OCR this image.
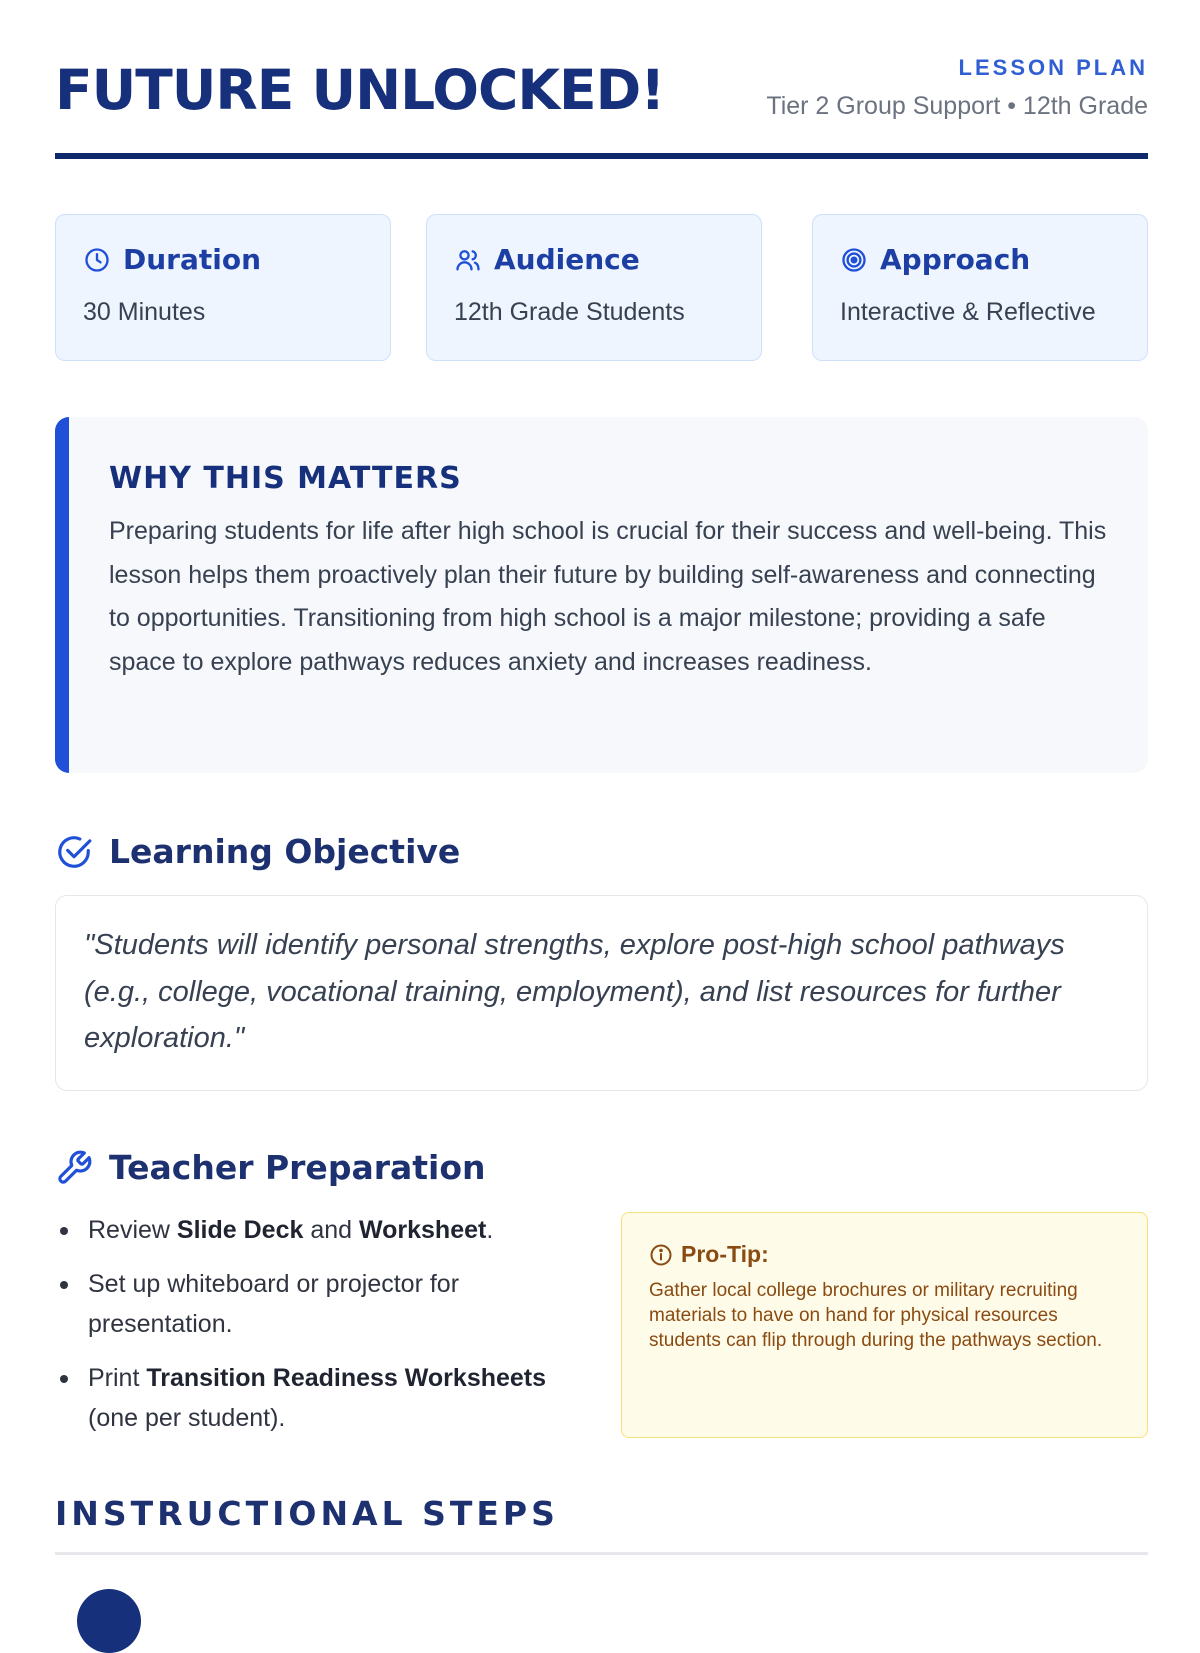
FUTURE UNLOCKED!	LESSON PLAN
Tier 2 Group Support • 12th Grade
Duration
30 Minutes
Audience
12th Grade Students
Approach
Interactive & Reflective
WHY THIS MATTERS

Preparing students for life after high school is crucial for their success and well-being. This lesson helps them proactively plan their future by building self-awareness and connecting to opportunities. Transitioning from high school is a major milestone; providing a safe space to explore pathways reduces anxiety and increases readiness.

Learning Objective
"Students will identify personal strengths, explore post-high school pathways (e.g., college, vocational training, employment), and list resources for further exploration."
Teacher Preparation
Review Slide Deck and Worksheet.
Set up whiteboard or projector for presentation.
Print Transition Readiness Worksheets (one per student).
Pro-Tip:
Gather local college brochures or military recruiting materials to have on hand for physical resources students can flip through during the pathways section.
INSTRUCTIONAL STEPS
